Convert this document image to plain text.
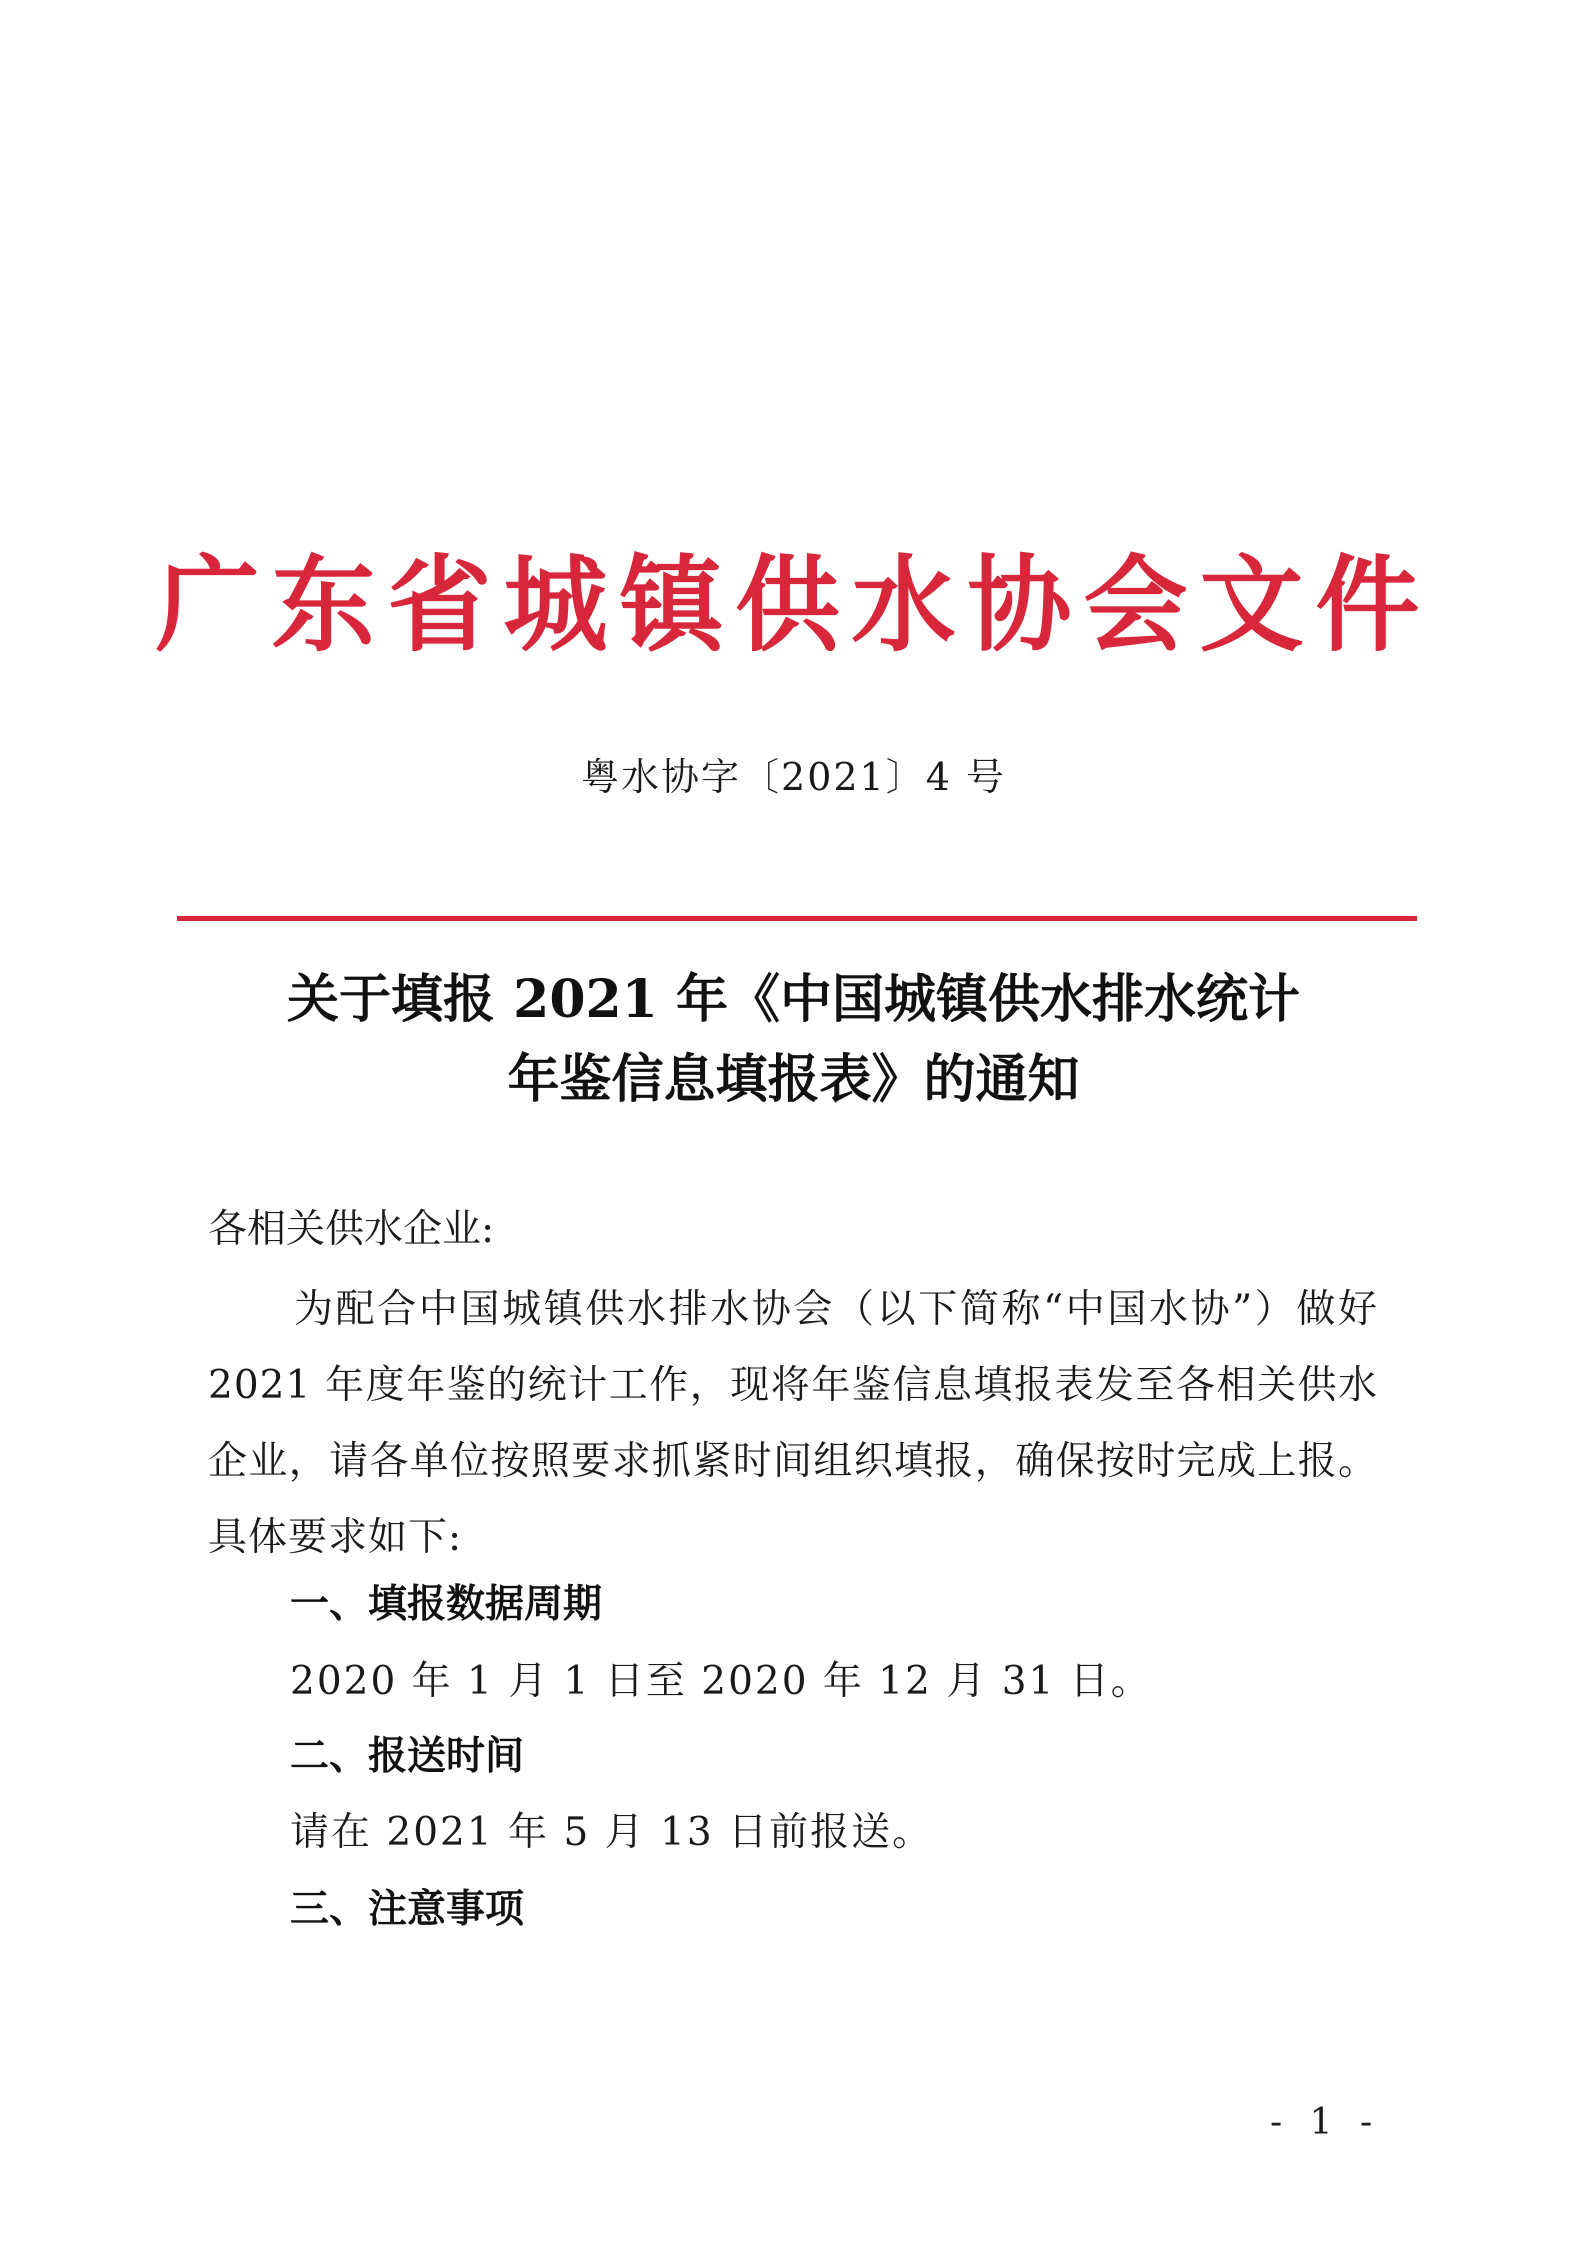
广东省城镇供水协会文件
粤水协字〔2021〕4 号
关于填报 2021 年《中国城镇供水排水统计
年鉴信息填报表》的通知
各相关供水企业:
为配合中国城镇供水排水协会（以下简称“中国水协”）做好 2021 年度年鉴的统计工作，现将年鉴信息填报表发至各相关供水企业，请各单位按照要求抓紧时间组织填报，确保按时完成上报。具体要求如下:
一、填报数据周期
2020 年 1 月 1 日至 2020 年 12 月 31 日。
二、报送时间
请在 2021 年 5 月 13 日前报送。
三、注意事项
- 1 -
